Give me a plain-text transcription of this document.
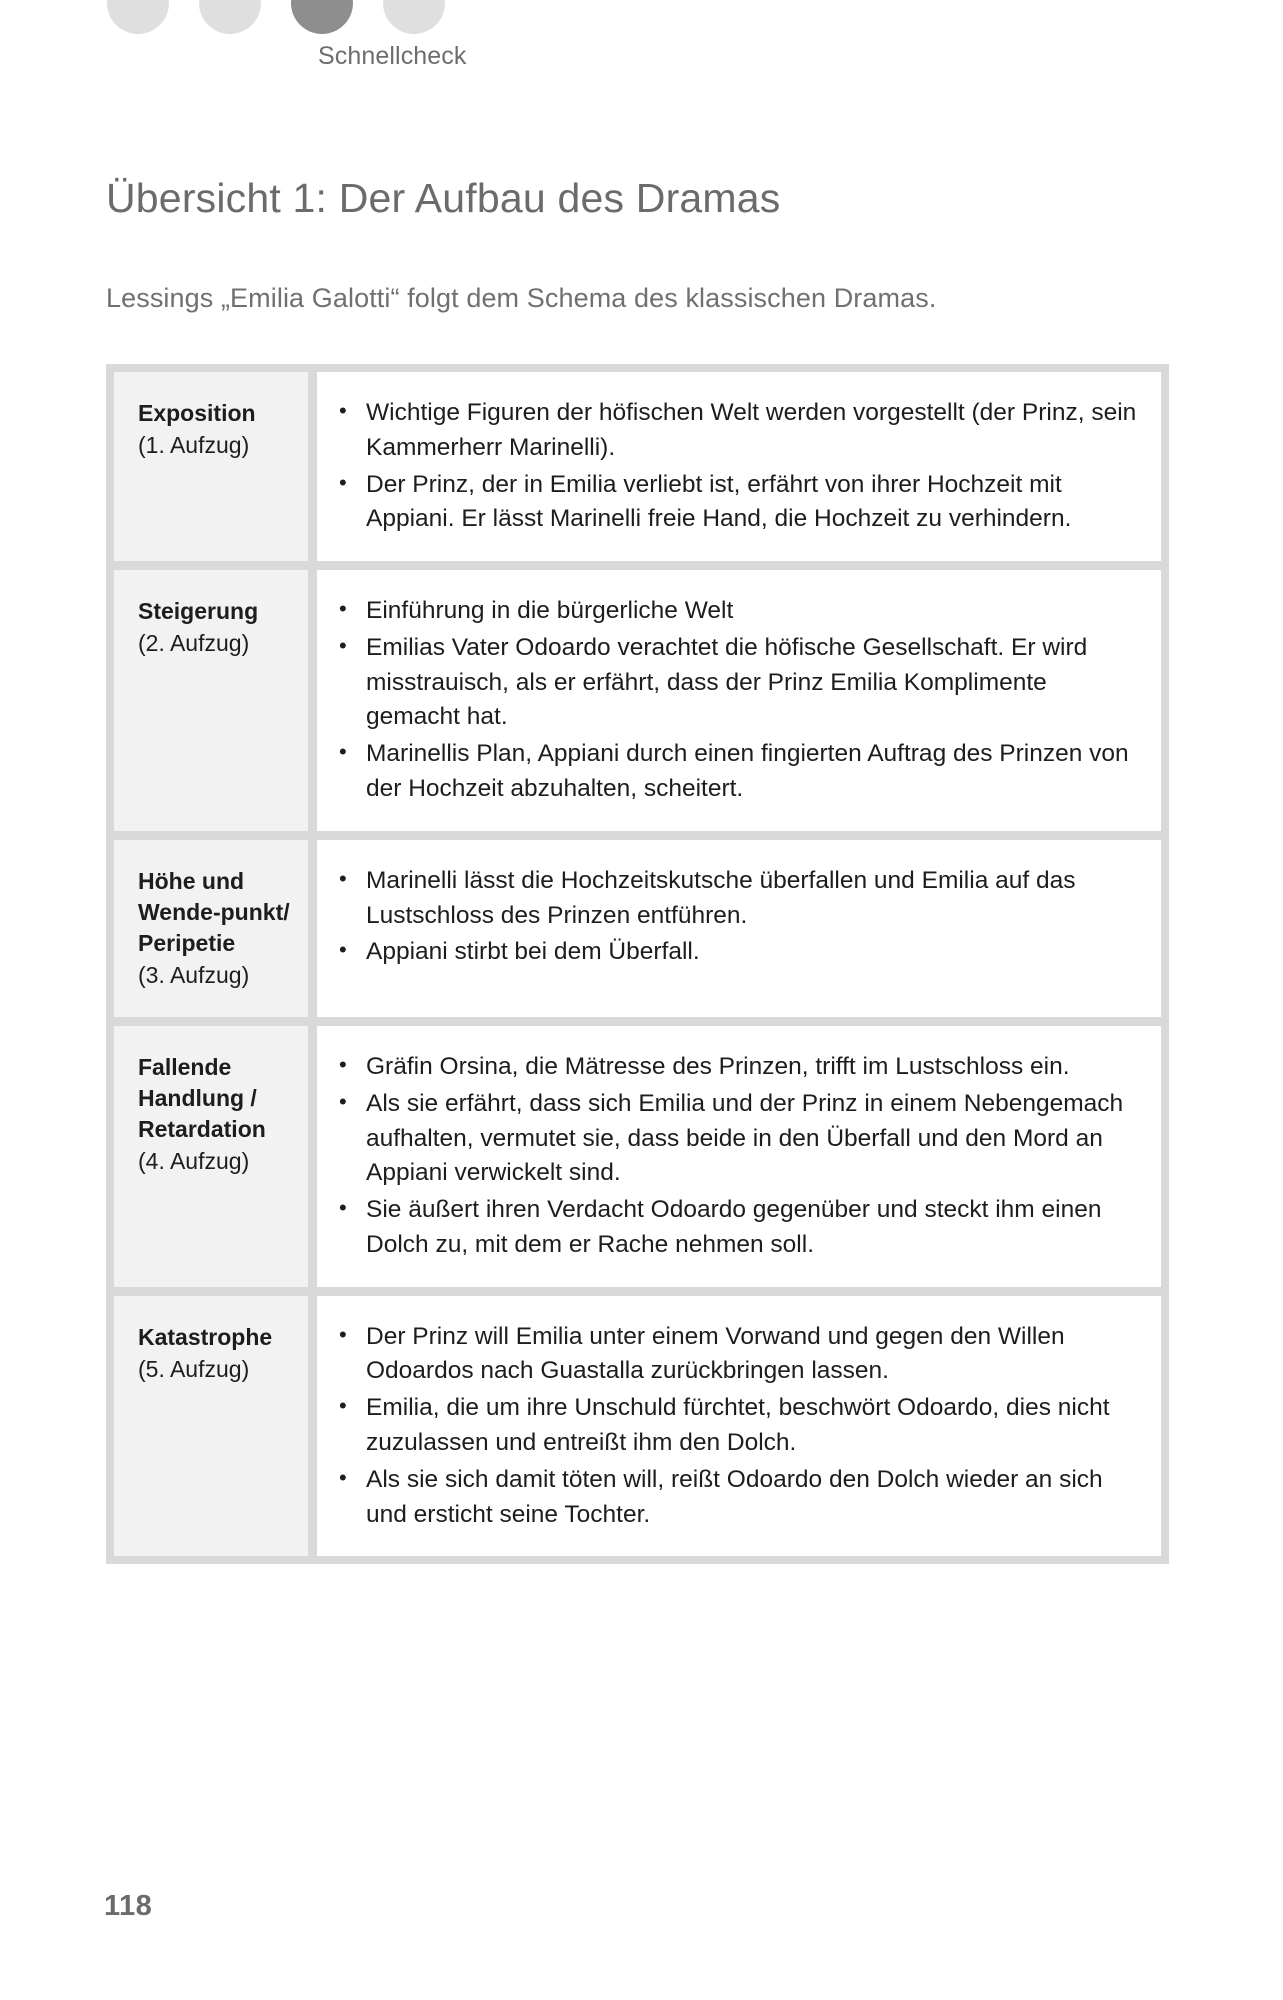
Schnellcheck
Übersicht 1: Der Aufbau des Dramas

Lessings „Emilia Galotti“ folgt dem Schema des klassischen Dramas.

Exposition
(1. Aufzug)
• Wichtige Figuren der höfischen Welt werden vorgestellt (der Prinz, sein Kammerherr Marinelli).
• Der Prinz, der in Emilia verliebt ist, erfährt von ihrer Hochzeit mit Appiani. Er lässt Marinelli freie Hand, die Hochzeit zu verhindern.
Steigerung
(2. Aufzug)
• Einführung in die bürgerliche Welt
• Emilias Vater Odoardo verachtet die höfische Gesellschaft. Er wird misstrauisch, als er erfährt, dass der Prinz Emilia Komplimente gemacht hat.
• Marinellis Plan, Appiani durch einen fingierten Auftrag des Prinzen von der Hochzeit abzuhalten, scheitert.
Höhe und Wende-punkt/ Peripetie
(3. Aufzug)
• Marinelli lässt die Hochzeitskutsche überfallen und Emilia auf das Lustschloss des Prinzen entführen.
• Appiani stirbt bei dem Überfall.
Fallende Handlung / Retardation
(4. Aufzug)
• Gräfin Orsina, die Mätresse des Prinzen, trifft im Lustschloss ein.
• Als sie erfährt, dass sich Emilia und der Prinz in einem Nebengemach aufhalten, vermutet sie, dass beide in den Überfall und den Mord an Appiani verwickelt sind.
• Sie äußert ihren Verdacht Odoardo gegenüber und steckt ihm einen Dolch zu, mit dem er Rache nehmen soll.
Katastrophe
(5. Aufzug)
• Der Prinz will Emilia unter einem Vorwand und gegen den Willen Odoardos nach Guastalla zurückbringen lassen.
• Emilia, die um ihre Unschuld fürchtet, beschwört Odoardo, dies nicht zuzulassen und entreißt ihm den Dolch.
• Als sie sich damit töten will, reißt Odoardo den Dolch wieder an sich und ersticht seine Tochter.
118
